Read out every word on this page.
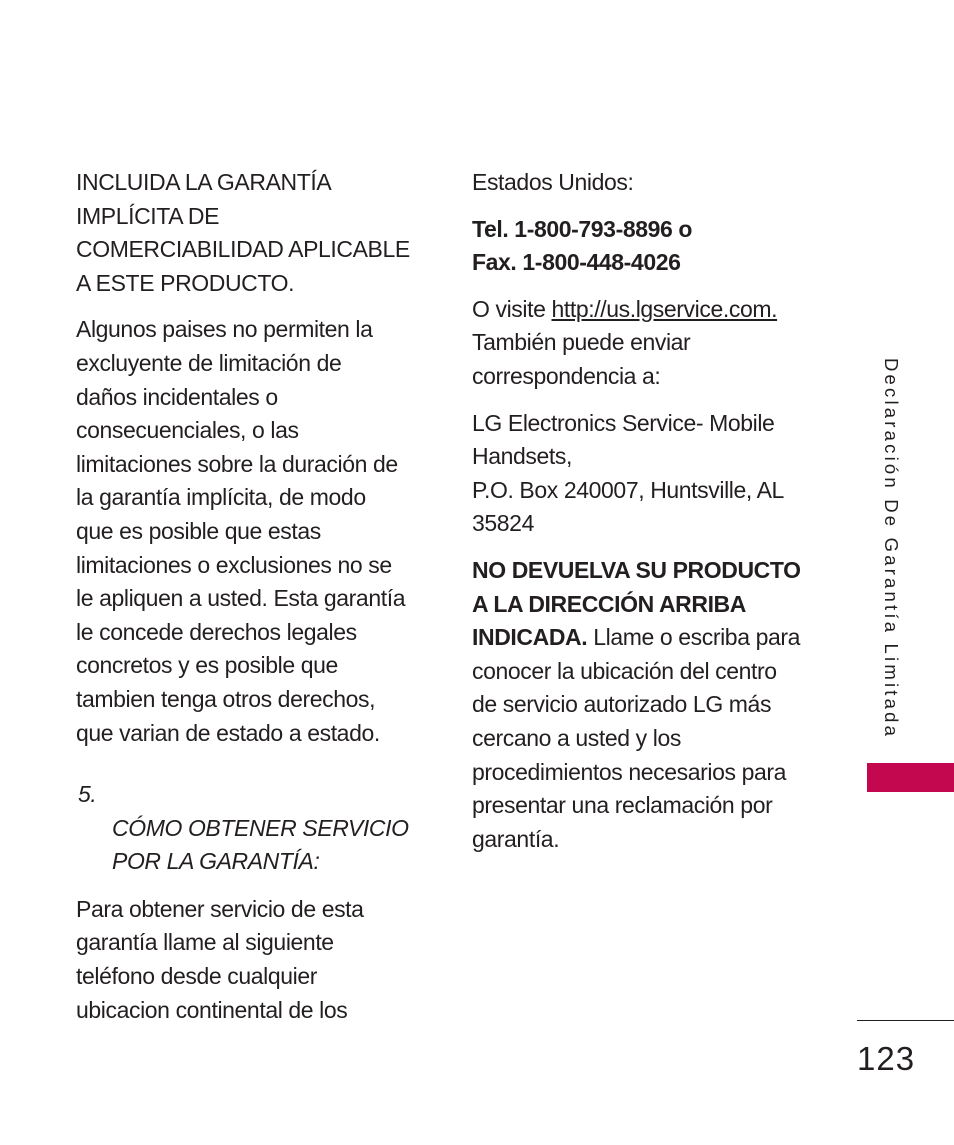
INCLUIDA LA GARANTÍA
IMPLÍCITA DE
COMERCIABILIDAD APLICABLE
A ESTE PRODUCTO.

Algunos paises no permiten la
excluyente de limitación de
daños incidentales o
consecuenciales, o las
limitaciones sobre la duración de
la garantía implícita, de modo
que es posible que estas
limitaciones o exclusiones no se
le apliquen a usted. Esta garantía
le concede derechos legales
concretos y es posible que
tambien tenga otros derechos,
que varian de estado a estado.

5.
CÓMO OBTENER SERVICIO
POR LA GARANTÍA:

Para obtener servicio de esta
garantía llame al siguiente
teléfono desde cualquier
ubicacion continental de los

Estados Unidos:

Tel. 1-800-793-8896 o
Fax. 1-800-448-4026

O visite http://us.lgservice.com.
También puede enviar
correspondencia a:

LG Electronics Service- Mobile
Handsets,
P.O. Box 240007, Huntsville, AL
35824

NO DEVUELVA SU PRODUCTO
A LA DIRECCIÓN ARRIBA
INDICADA. Llame o escriba para
conocer la ubicación del centro
de servicio autorizado LG más
cercano a usted y los
procedimientos necesarios para
presentar una reclamación por
garantía.

Declaración De Garantía Limitada
123
